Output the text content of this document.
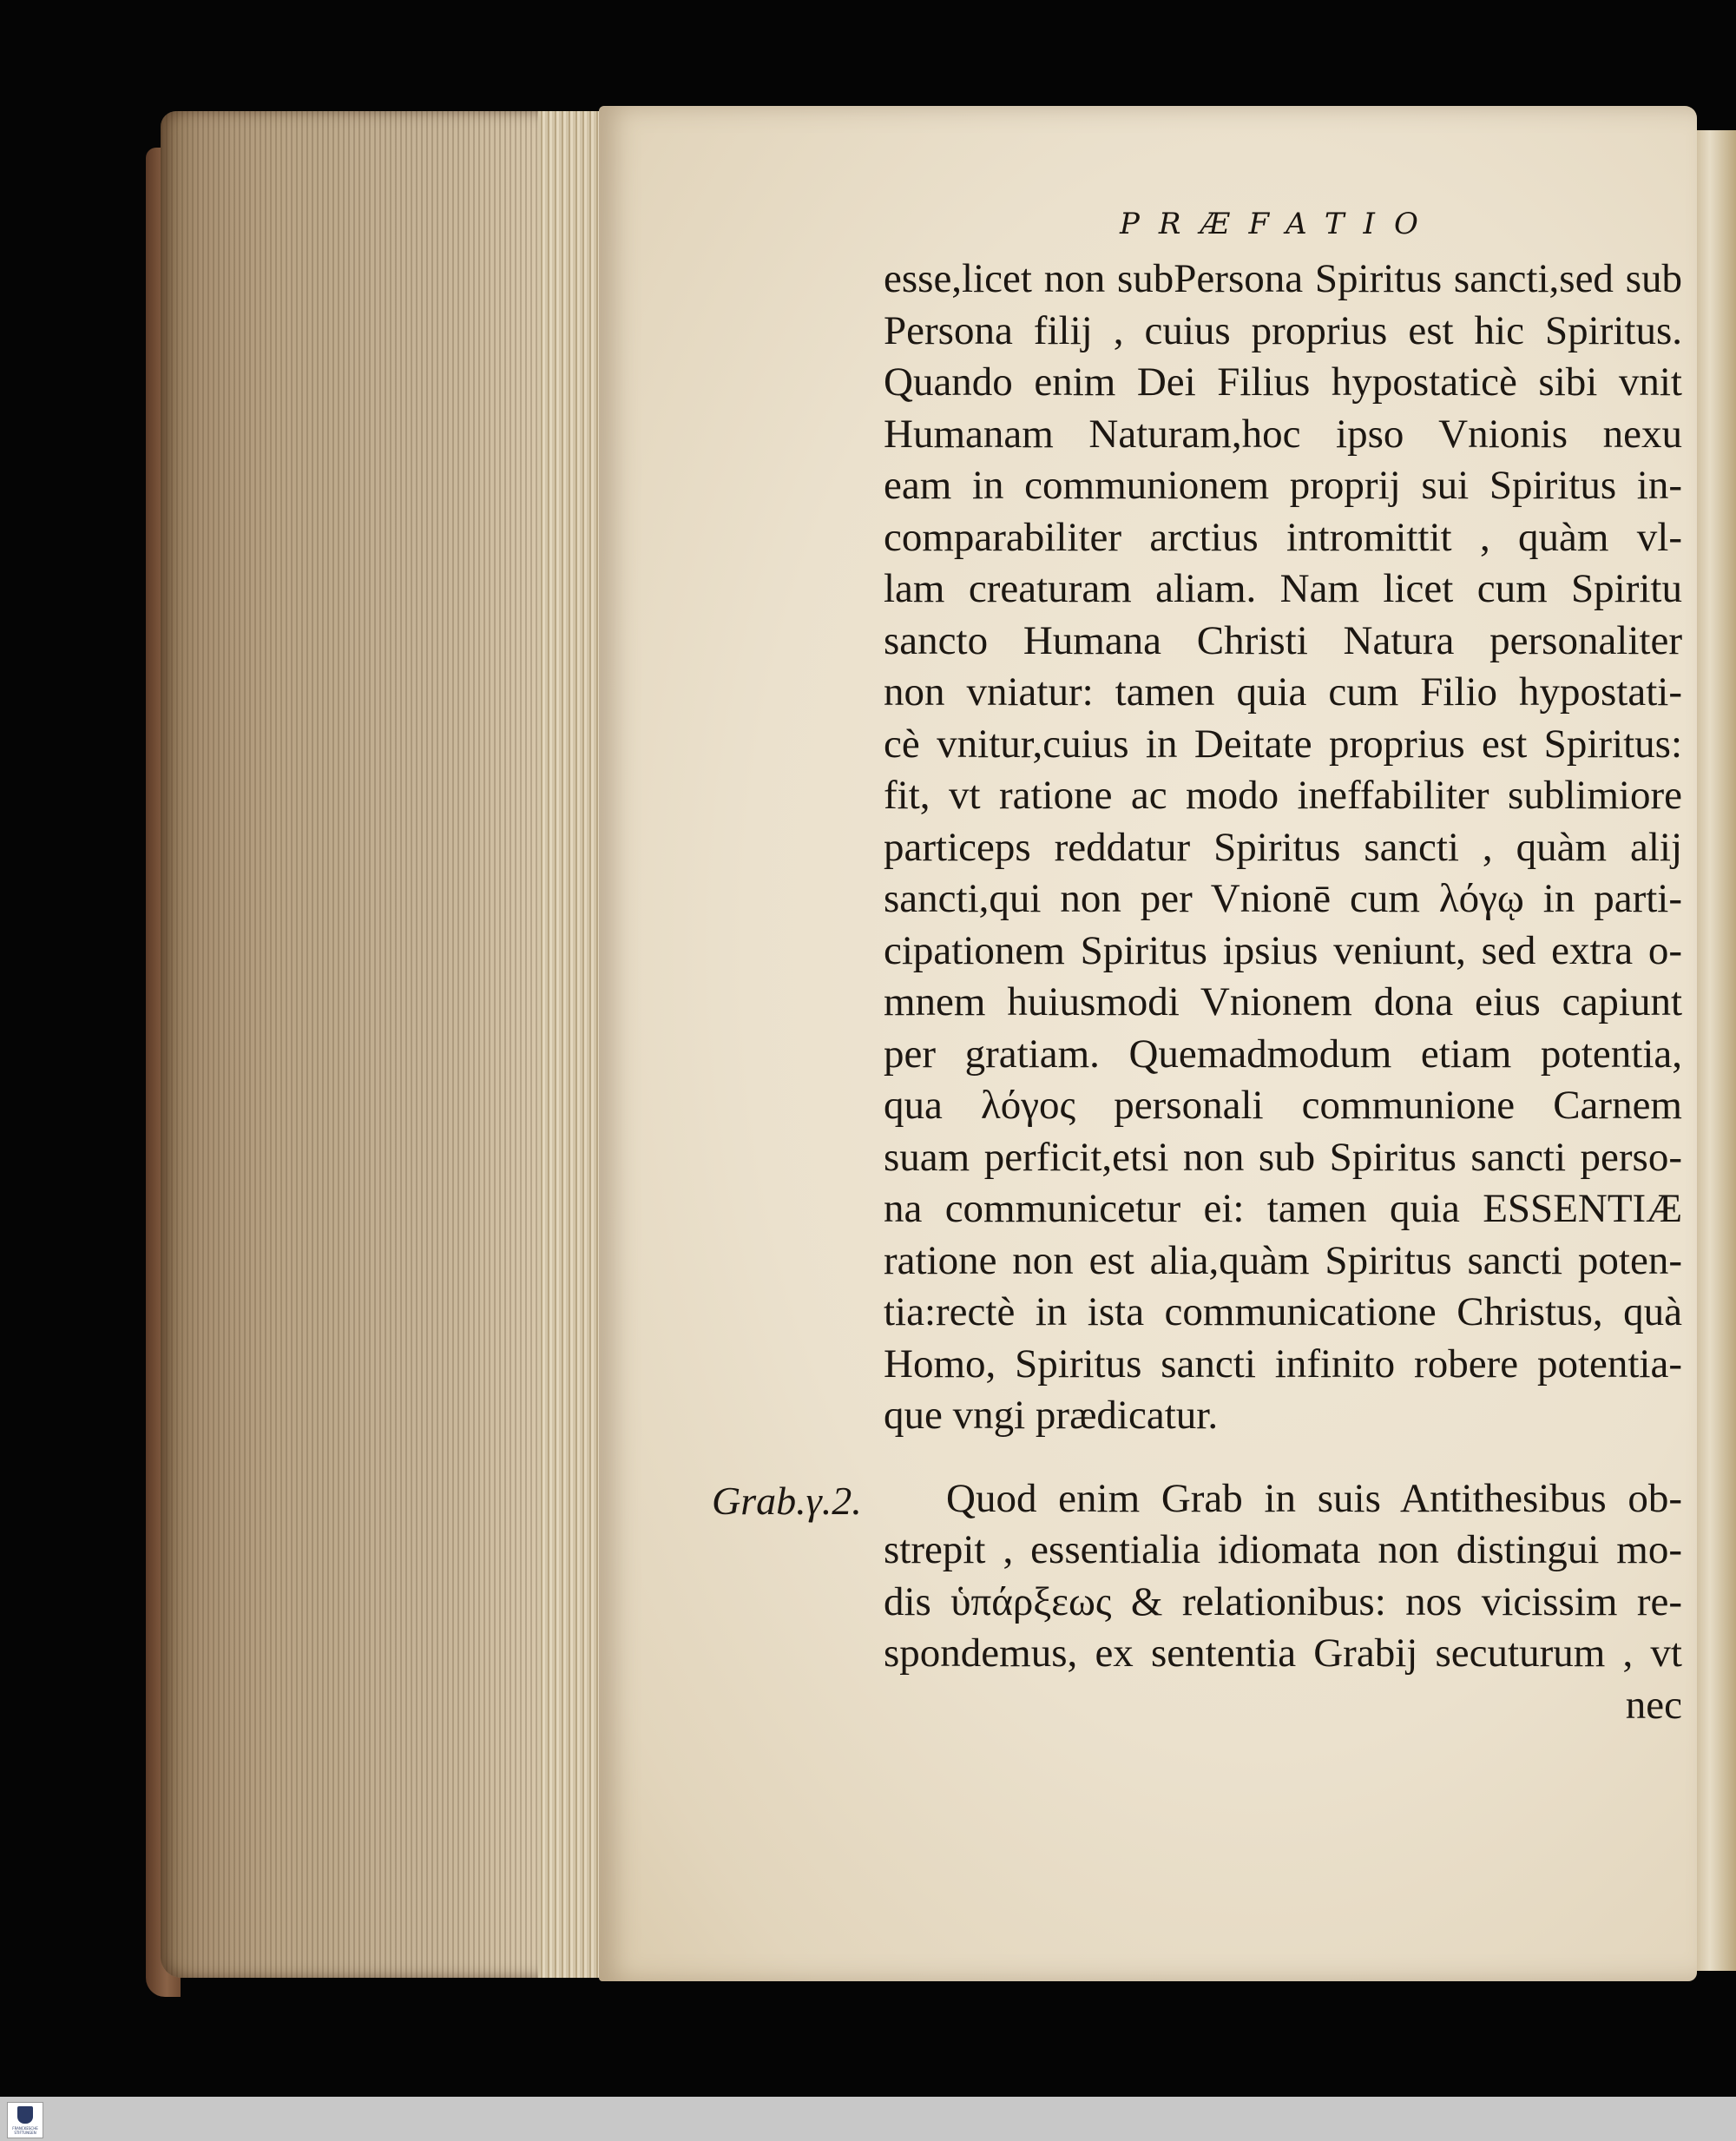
PRÆFATIO
Grab.γ.2.
esse,licet non subPersona Spiritus sancti,sed sub
Persona filij , cuius proprius est hic Spiritus.
Quando enim Dei Filius hypostaticè sibi vnit
Humanam Naturam,hoc ipso Vnionis nexu
eam in communionem proprij sui Spiritus in-
comparabiliter arctius intromittit , quàm vl-
lam creaturam aliam. Nam licet cum Spiritu
sancto Humana Christi Natura personaliter
non vniatur: tamen quia cum Filio hypostati-
cè vnitur,cuius in Deitate proprius est Spiritus:
fit, vt ratione ac modo ineffabiliter sublimiore
particeps reddatur Spiritus sancti , quàm alij
sancti,qui non per Vnionē cum λόγῳ in parti-
cipationem Spiritus ipsius veniunt, sed extra o-
mnem huiusmodi Vnionem dona eius capiunt
per gratiam. Quemadmodum etiam potentia,
qua λόγος personali communione Carnem
suam perficit,etsi non sub Spiritus sancti perso-
na communicetur ei: tamen quia ESSENTIÆ
ratione non est alia,quàm Spiritus sancti poten-
tia:rectè in ista communicatione Christus, quà
Homo, Spiritus sancti infinito robere potentia-
que vngi prædicatur.
Quod enim Grab in suis Antithesibus ob-
strepit , essentialia idiomata non distingui mo-
dis ὑπάρξεως & relationibus: nos vicissim re-
spondemus, ex sententia Grabij secuturum , vt
nec
FRANCKESCHE STIFTUNGEN
